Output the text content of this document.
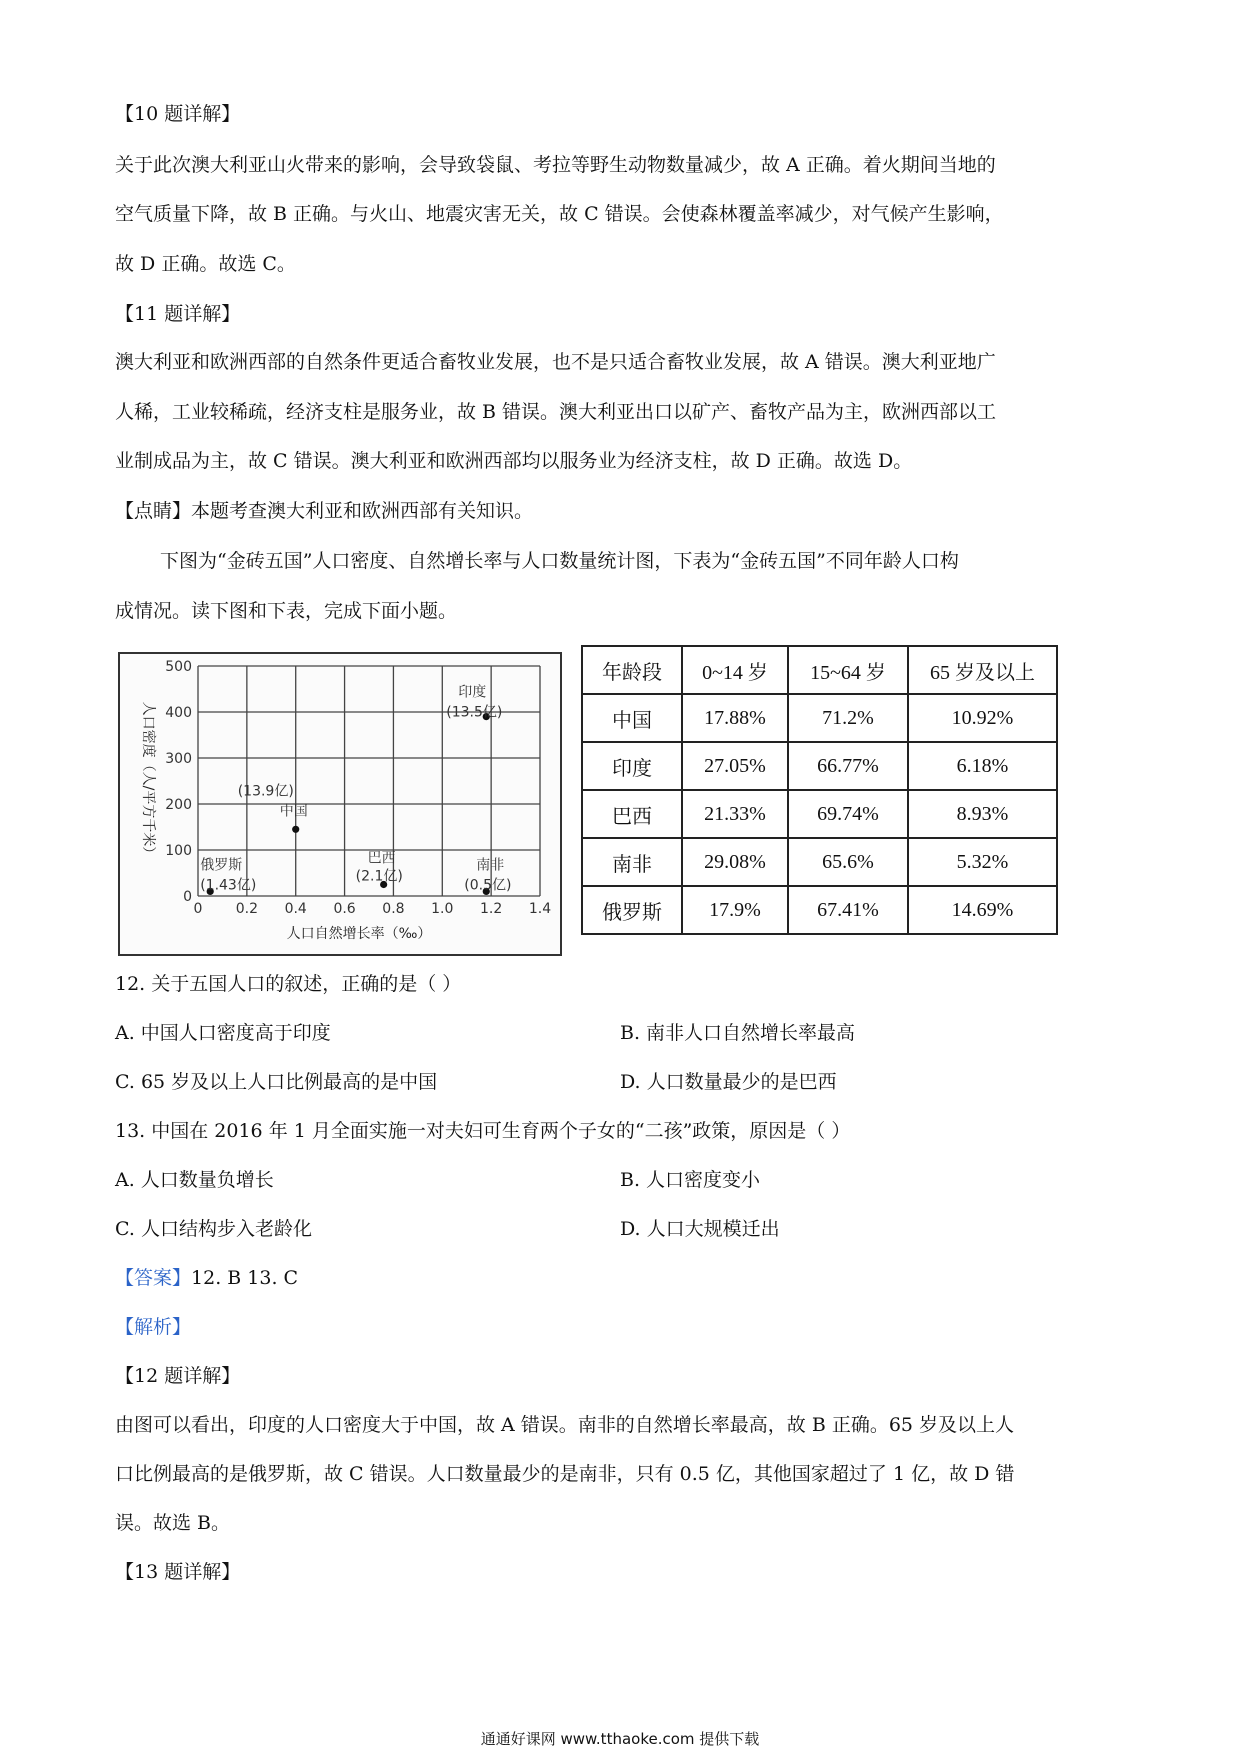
【10 题详解】
关于此次澳大利亚山火带来的影响，会导致袋鼠、考拉等野生动物数量减少，故 A 正确。着火期间当地的
空气质量下降，故 B 正确。与火山、地震灾害无关，故 C 错误。会使森林覆盖率减少，对气候产生影响，
故 D 正确。故选 C。
【11 题详解】
澳大利亚和欧洲西部的自然条件更适合畜牧业发展，也不是只适合畜牧业发展，故 A 错误。澳大利亚地广
人稀，工业较稀疏，经济支柱是服务业，故 B 错误。澳大利亚出口以矿产、畜牧产品为主，欧洲西部以工
业制成品为主，故 C 错误。澳大利亚和欧洲西部均以服务业为经济支柱，故 D 正确。故选 D。
【点睛】本题考查澳大利亚和欧洲西部有关知识。
下图为“金砖五国”人口密度、自然增长率与人口数量统计图，下表为“金砖五国”不同年龄人口构
成情况。读下图和下表，完成下面小题。
0 0.2 0.4 0.6 0.8 1.0 1.2 1.4
0
100
200
300
400
500
人口自然增长率（‰）
人口密度（人/平方千米）
印度
(13.5亿)
中国
(13.9亿)
巴西
(2.1亿)
俄罗斯
(1.43亿)
南非
(0.5亿)
年龄段	0~14 岁	15~64 岁	65 岁及以上
中国	17.88%	71.2%	10.92%
印度	27.05%	66.77%	6.18%
巴西	21.33%	69.74%	8.93%
南非	29.08%	65.6%	5.32%
俄罗斯	17.9%	67.41%	14.69%
12. 关于五国人口的叙述，正确的是（ ）
A. 中国人口密度高于印度	B. 南非人口自然增长率最高
C. 65 岁及以上人口比例最高的是中国	D. 人口数量最少的是巴西
13. 中国在 2016 年 1 月全面实施一对夫妇可生育两个子女的“二孩”政策，原因是（ ）
A. 人口数量负增长	B. 人口密度变小
C. 人口结构步入老龄化	D. 人口大规模迁出
【答案】12. B 13. C
【解析】
【12 题详解】
由图可以看出，印度的人口密度大于中国，故 A 错误。南非的自然增长率最高，故 B 正确。65 岁及以上人
口比例最高的是俄罗斯，故 C 错误。人口数量最少的是南非，只有 0.5 亿，其他国家超过了 1 亿，故 D 错
误。故选 B。
【13 题详解】
通通好课网 www.tthaoke.com 提供下载
